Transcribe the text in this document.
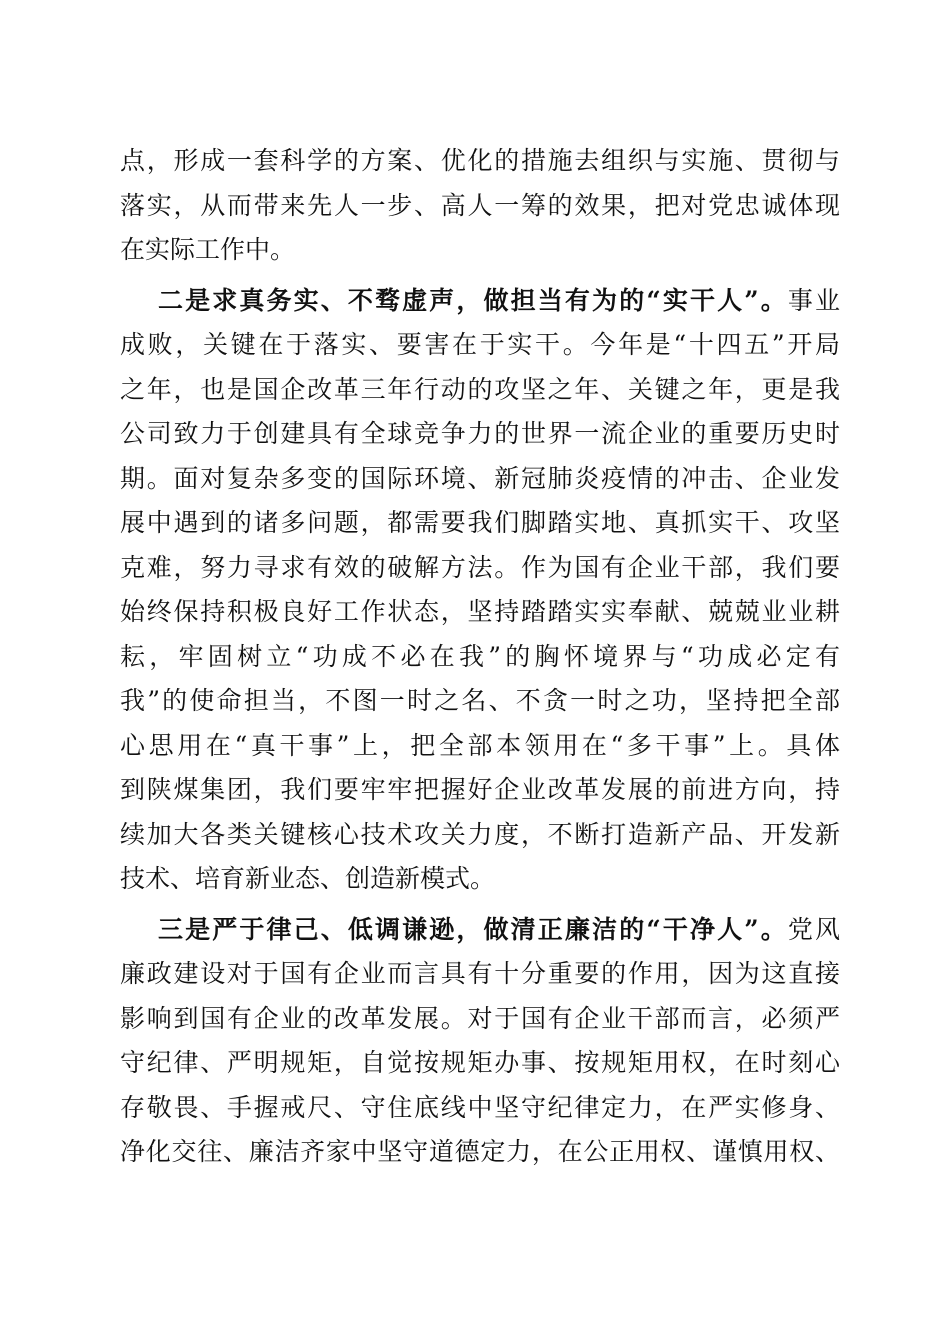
点，形成一套科学的方案、优化的措施去组织与实施、贯彻与
落实，从而带来先人一步、高人一筹的效果，把对党忠诚体现
在实际工作中。
二是求真务实、不骛虚声，做担当有为的“实干人”。事业
成败，关键在于落实、要害在于实干。今年是“十四五”开局
之年，也是国企改革三年行动的攻坚之年、关键之年，更是我
公司致力于创建具有全球竞争力的世界一流企业的重要历史时
期。面对复杂多变的国际环境、新冠肺炎疫情的冲击、企业发
展中遇到的诸多问题，都需要我们脚踏实地、真抓实干、攻坚
克难，努力寻求有效的破解方法。作为国有企业干部，我们要
始终保持积极良好工作状态，坚持踏踏实实奉献、兢兢业业耕
耘，牢固树立“功成不必在我”的胸怀境界与“功成必定有
我”的使命担当，不图一时之名、不贪一时之功，坚持把全部
心思用在“真干事”上，把全部本领用在“多干事”上。具体
到陕煤集团，我们要牢牢把握好企业改革发展的前进方向，持
续加大各类关键核心技术攻关力度，不断打造新产品、开发新
技术、培育新业态、创造新模式。
三是严于律己、低调谦逊，做清正廉洁的“干净人”。党风
廉政建设对于国有企业而言具有十分重要的作用，因为这直接
影响到国有企业的改革发展。对于国有企业干部而言，必须严
守纪律、严明规矩，自觉按规矩办事、按规矩用权，在时刻心
存敬畏、手握戒尺、守住底线中坚守纪律定力，在严实修身、
净化交往、廉洁齐家中坚守道德定力，在公正用权、谨慎用权、
